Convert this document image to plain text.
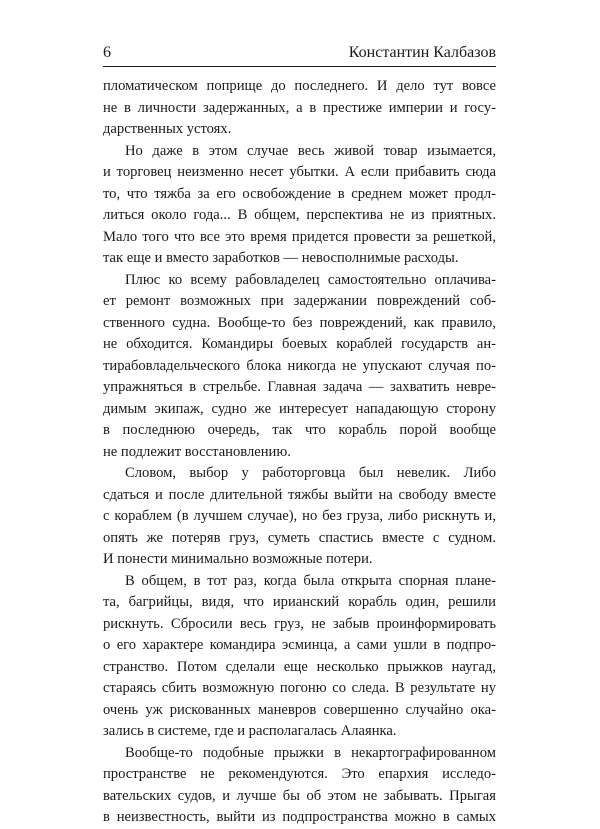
6	Константин Калбазов
пломатическом поприще до последнего. И дело тут вовсе
не в личности задержанных, а в престиже империи и госу-
дарственных устоях.
Но даже в этом случае весь живой товар изымается,
и торговец неизменно несет убытки. А если прибавить сюда
то, что тяжба за его освобождение в среднем может продл-
литься около года... В общем, перспектива не из приятных.
Мало того что все это время придется провести за решеткой,
так еще и вместо заработков — невосполнимые расходы.
Плюс ко всему рабовладелец самостоятельно оплачива-
ет ремонт возможных при задержании повреждений соб-
ственного судна. Вообще-то без повреждений, как правило,
не обходится. Командиры боевых кораблей государств ан-
тирабовладельческого блока никогда не упускают случая по-
упражняться в стрельбе. Главная задача — захватить невре-
димым экипаж, судно же интересует нападающую сторону
в последнюю очередь, так что корабль порой вообще
не подлежит восстановлению.
Словом, выбор у работорговца был невелик. Либо
сдаться и после длительной тяжбы выйти на свободу вместе
с кораблем (в лучшем случае), но без груза, либо рискнуть и,
опять же потеряв груз, суметь спастись вместе с судном.
И понести минимально возможные потери.
В общем, в тот раз, когда была открыта спорная плане-
та, багрийцы, видя, что ирианский корабль один, решили
рискнуть. Сбросили весь груз, не забыв проинформировать
о его характере командира эсминца, а сами ушли в подпро-
странство. Потом сделали еще несколько прыжков наугад,
стараясь сбить возможную погоню со следа. В результате ну
очень уж рискованных маневров совершенно случайно ока-
зались в системе, где и располагалась Алаянка.
Вообще-то подобные прыжки в некартографированном
пространстве не рекомендуются. Это епархия исследо-
вательских судов, и лучше бы об этом не забывать. Прыгая
в неизвестность, выйти из подпространства можно в самых
